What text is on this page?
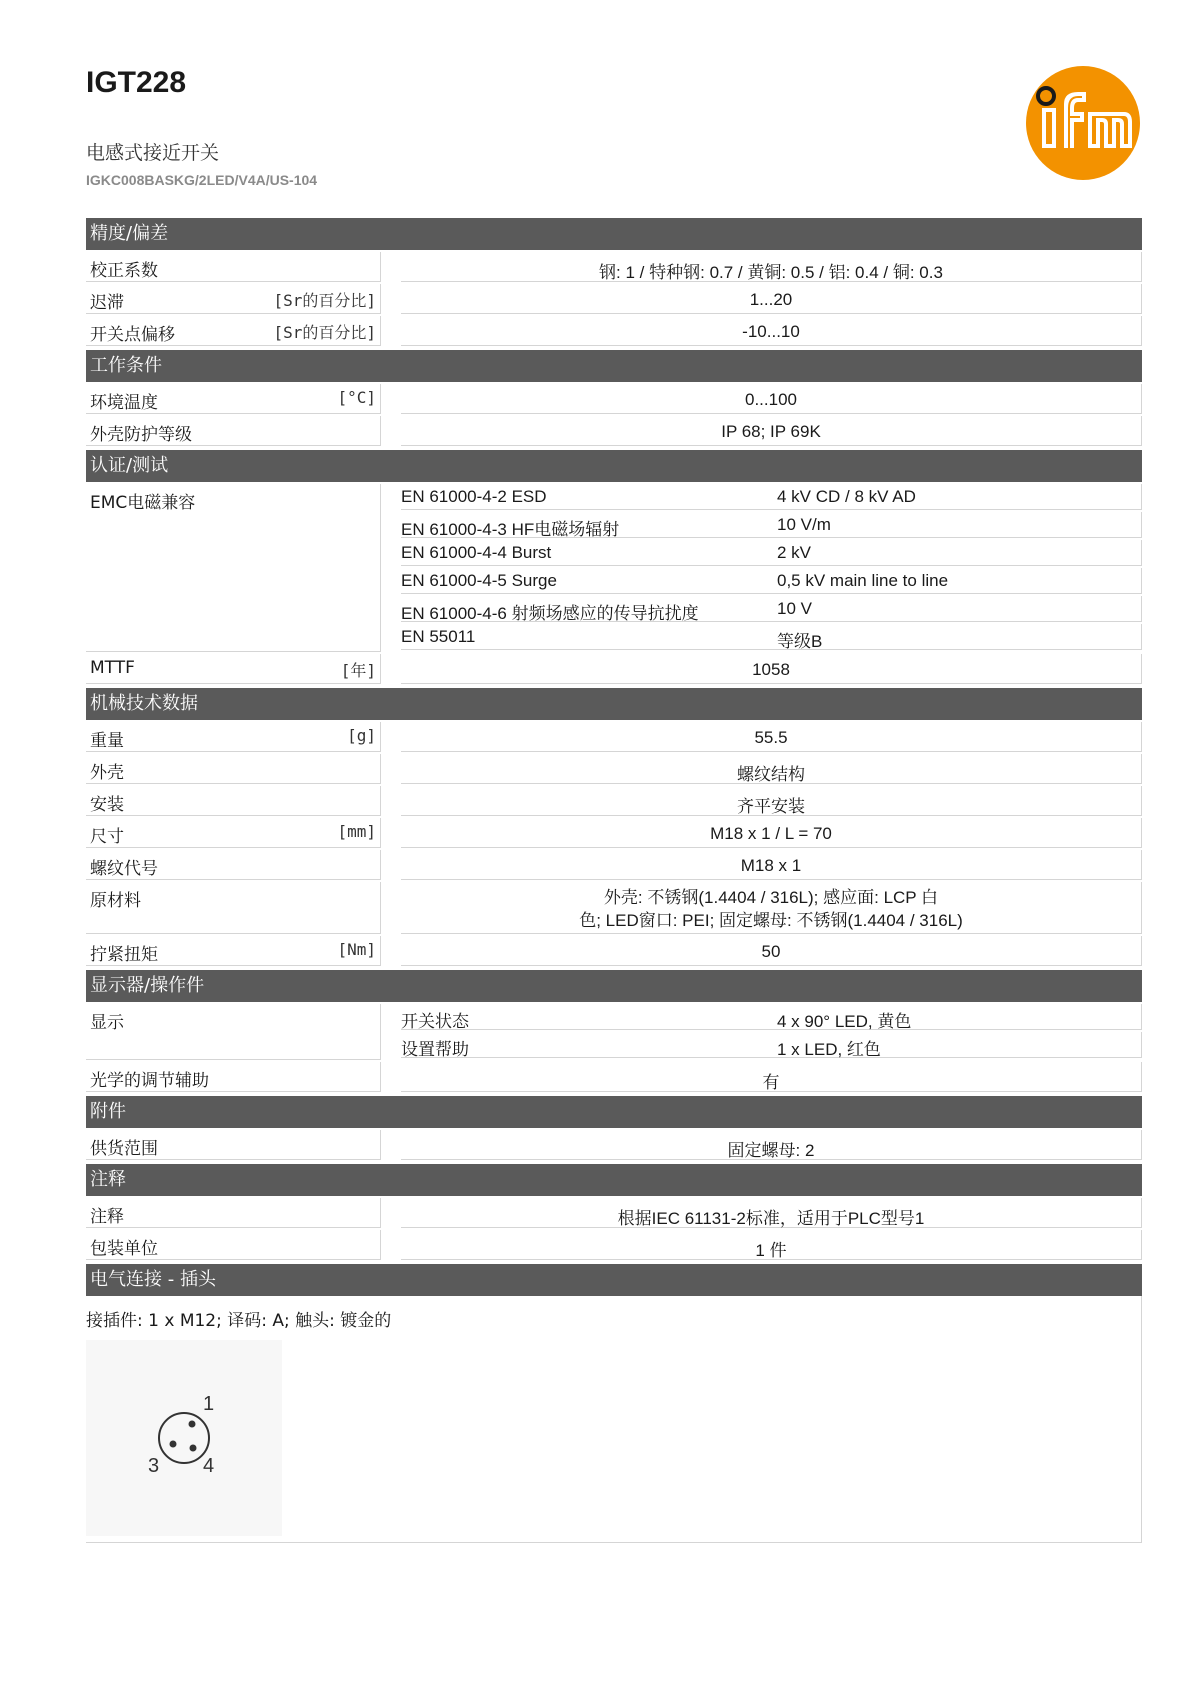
IGT228
电感式接近开关
IGKC008BASKG/2LED/V4A/US-104
精度/偏差
校正系数	钢: 1 / 特种钢: 0.7 / 黄铜: 0.5 / 铝: 0.4 / 铜: 0.3
迟滞	[Sr的百分比]	1...20
开关点偏移	[Sr的百分比]	-10...10
工作条件
环境温度	[°C]	0...100
外壳防护等级	IP 68; IP 69K
认证/测试
EMC电磁兼容	EN 61000-4-2 ESD	4 kV CD / 8 kV AD
EN 61000-4-3 HF电磁场辐射	10 V/m
EN 61000-4-4 Burst	2 kV
EN 61000-4-5 Surge	0,5 kV main line to line
EN 61000-4-6 射频场感应的传导抗扰度	10 V
EN 55011	等级B
MTTF	[年]	1058
机械技术数据
重量	[g]	55.5
外壳	螺纹结构
安装	齐平安装
尺寸	[mm]	M18 x 1 / L = 70
螺纹代号	M18 x 1
原材料	外壳: 不锈钢(1.4404 / 316L); 感应面: LCP 白
色; LED窗口: PEI; 固定螺母: 不锈钢(1.4404 / 316L)
拧紧扭矩	[Nm]	50
显示器/操作件
显示	开关状态	4 x 90° LED, 黄色
设置帮助	1 x LED, 红色
光学的调节辅助	有
附件
供货范围	固定螺母: 2
注释
注释	根据IEC 61131-2标准，适用于PLC型号1
包装单位	1 件
电气连接 - 插头
接插件: 1 x M12; 译码: A; 触头: 镀金的
1
3 4
